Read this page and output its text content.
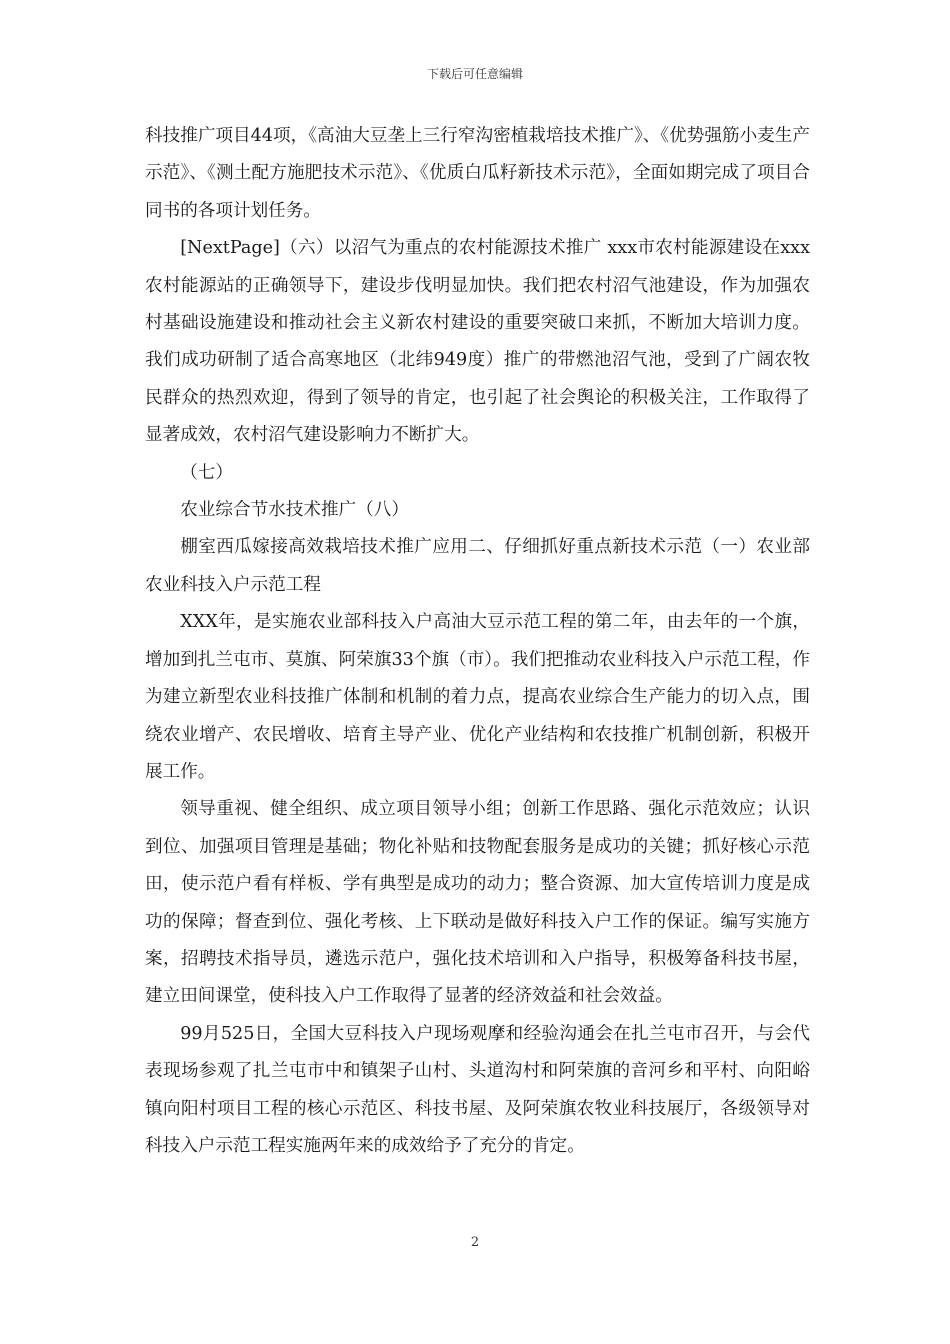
下载后可任意编辑

科技推广项目44项，《高油大豆垄上三行窄沟密植栽培技术推广》、《优势强筋小麦生产示范》、《测土配方施肥技术示范》、《优质白瓜籽新技术示范》，全面如期完成了项目合同书的各项计划任务。

[NextPage]（六）以沼气为重点的农村能源技术推广 xxx市农村能源建设在xxx农村能源站的正确领导下，建设步伐明显加快。我们把农村沼气池建设，作为加强农村基础设施建设和推动社会主义新农村建设的重要突破口来抓，不断加大培训力度。我们成功研制了适合高寒地区（北纬949度）推广的带燃池沼气池，受到了广阔农牧民群众的热烈欢迎，得到了领导的肯定，也引起了社会舆论的积极关注，工作取得了显著成效，农村沼气建设影响力不断扩大。

（七）

农业综合节水技术推广（八）

棚室西瓜嫁接高效栽培技术推广应用二、仔细抓好重点新技术示范（一）农业部农业科技入户示范工程

XXX年，是实施农业部科技入户高油大豆示范工程的第二年，由去年的一个旗，增加到扎兰屯市、莫旗、阿荣旗33个旗（市）。我们把推动农业科技入户示范工程，作为建立新型农业科技推广体制和机制的着力点，提高农业综合生产能力的切入点，围绕农业增产、农民增收、培育主导产业、优化产业结构和农技推广机制创新，积极开展工作。

领导重视、健全组织、成立项目领导小组；创新工作思路、强化示范效应；认识到位、加强项目管理是基础；物化补贴和技物配套服务是成功的关键；抓好核心示范田，使示范户看有样板、学有典型是成功的动力；整合资源、加大宣传培训力度是成功的保障；督查到位、强化考核、上下联动是做好科技入户工作的保证。编写实施方案，招聘技术指导员，遴选示范户，强化技术培训和入户指导，积极筹备科技书屋，建立田间课堂，使科技入户工作取得了显著的经济效益和社会效益。

99月525日，全国大豆科技入户现场观摩和经验沟通会在扎兰屯市召开，与会代表现场参观了扎兰屯市中和镇架子山村、头道沟村和阿荣旗的音河乡和平村、向阳峪镇向阳村项目工程的核心示范区、科技书屋、及阿荣旗农牧业科技展厅，各级领导对科技入户示范工程实施两年来的成效给予了充分的肯定。

2
